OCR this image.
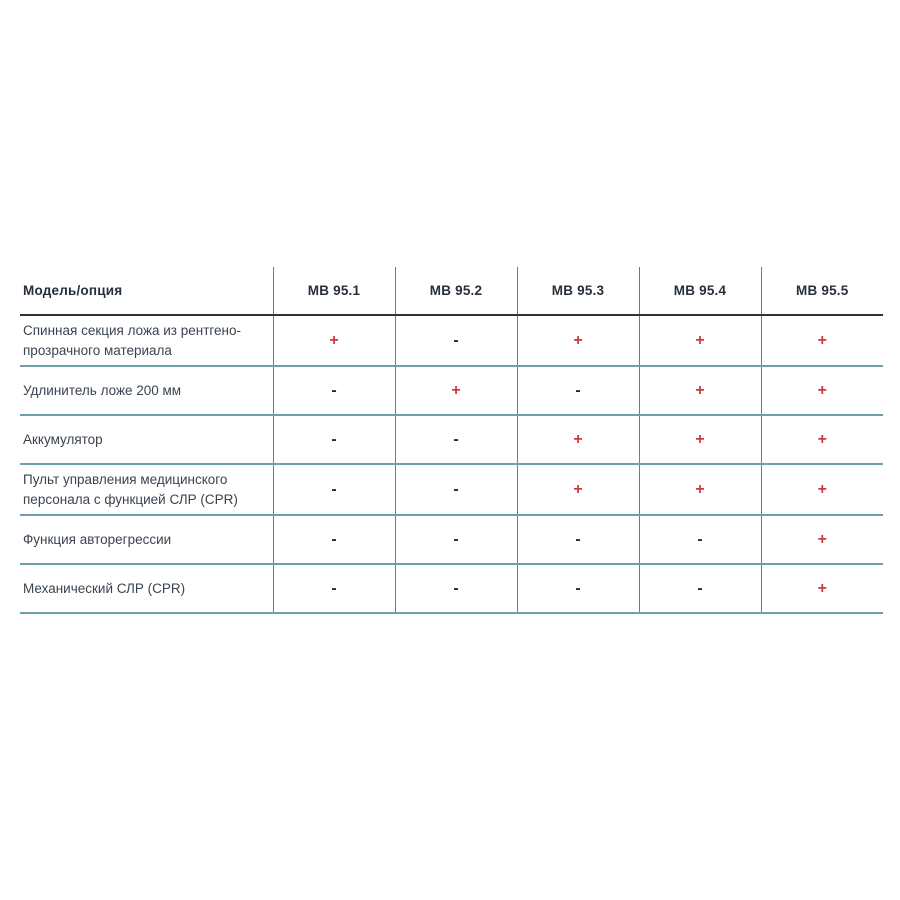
Модель/опция	МВ 95.1	МВ 95.2	МВ 95.3	МВ 95.4	МВ 95.5
Спинная секция ложа из рентгено-прозрачного материала	+	-	+	+	+
Удлинитель ложе 200 мм	-	+	-	+	+
Аккумулятор	-	-	+	+	+
Пульт управления медицинского персонала с функцией СЛР (CPR)	-	-	+	+	+
Функция авторегрессии	-	-	-	-	+
Механический СЛР (CPR)	-	-	-	-	+
